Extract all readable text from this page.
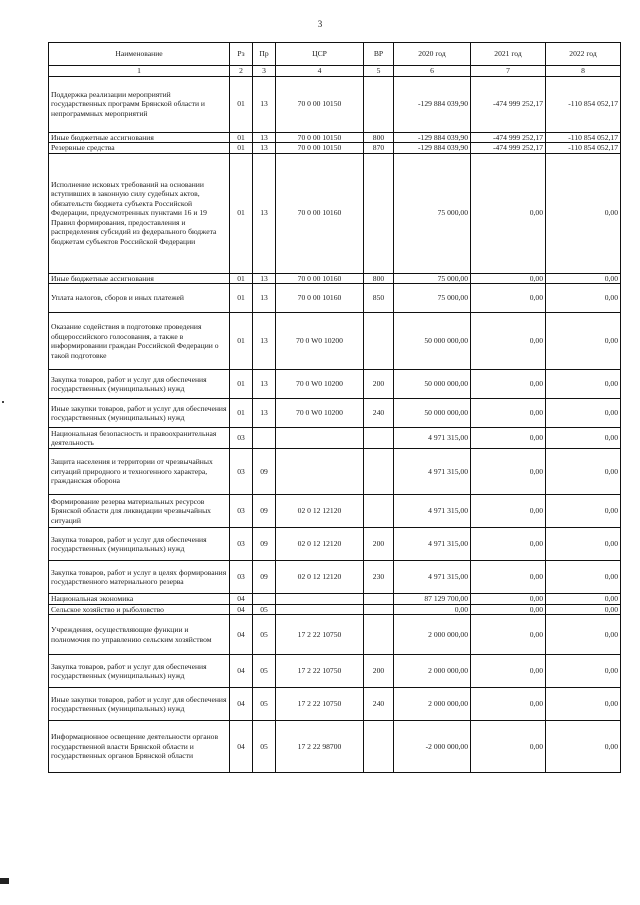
3
Наименование	Рз	Пр	ЦСР	ВР	2020 год	2021 год	2022 год
1	2	3	4	5	6	7	8
Поддержка реализации мероприятий государственных программ Брянской области и непрограммных мероприятий	01	13	70 0 00 10150		-129 884 039,90	-474 999 252,17	-110 854 052,17
Иные бюджетные ассигнования	01	13	70 0 00 10150	800	-129 884 039,90	-474 999 252,17	-110 854 052,17
Резервные средства	01	13	70 0 00 10150	870	-129 884 039,90	-474 999 252,17	-110 854 052,17
Исполнение исковых требований на основании вступивших в законную силу судебных актов, обязательств бюджета субъекта Российской Федерации, предусмотренных пунктами 16 и 19 Правил формирования, предоставления и распределения субсидий из федерального бюджета бюджетам субъектов Российской Федерации	01	13	70 0 00 10160		75 000,00	0,00	0,00
Иные бюджетные ассигнования	01	13	70 0 00 10160	800	75 000,00	0,00	0,00
Уплата налогов, сборов и иных платежей	01	13	70 0 00 10160	850	75 000,00	0,00	0,00
Оказание содействия в подготовке проведения общероссийского голосования, а также в информировании граждан Российской Федерации о такой подготовке	01	13	70 0 W0 10200		50 000 000,00	0,00	0,00
Закупка товаров, работ и услуг для обеспечения государственных (муниципальных) нужд	01	13	70 0 W0 10200	200	50 000 000,00	0,00	0,00
Иные закупки товаров, работ и услуг для обеспечения государственных (муниципальных) нужд	01	13	70 0 W0 10200	240	50 000 000,00	0,00	0,00
Национальная безопасность и правоохранительная деятельность	03				4 971 315,00	0,00	0,00
Защита населения и территории от чрезвычайных ситуаций природного и техногенного характера, гражданская оборона	03	09			4 971 315,00	0,00	0,00
Формирование резерва материальных ресурсов Брянской области для ликвидации чрезвычайных ситуаций	03	09	02 0 12 12120		4 971 315,00	0,00	0,00
Закупка товаров, работ и услуг для обеспечения государственных (муниципальных) нужд	03	09	02 0 12 12120	200	4 971 315,00	0,00	0,00
Закупка товаров, работ и услуг в целях формирования государственного материального резерва	03	09	02 0 12 12120	230	4 971 315,00	0,00	0,00
Национальная экономика	04				87 129 700,00	0,00	0,00
Сельское хозяйство и рыболовство	04	05			0,00	0,00	0,00
Учреждения, осуществляющие функции и полномочия по управлению сельским хозяйством	04	05	17 2 22 10750		2 000 000,00	0,00	0,00
Закупка товаров, работ и услуг для обеспечения государственных (муниципальных) нужд	04	05	17 2 22 10750	200	2 000 000,00	0,00	0,00
Иные закупки товаров, работ и услуг для обеспечения государственных (муниципальных) нужд	04	05	17 2 22 10750	240	2 000 000,00	0,00	0,00
Информационное освещение деятельности органов государственной власти Брянской области и государственных органов Брянской области	04	05	17 2 22 98700		-2 000 000,00	0,00	0,00
